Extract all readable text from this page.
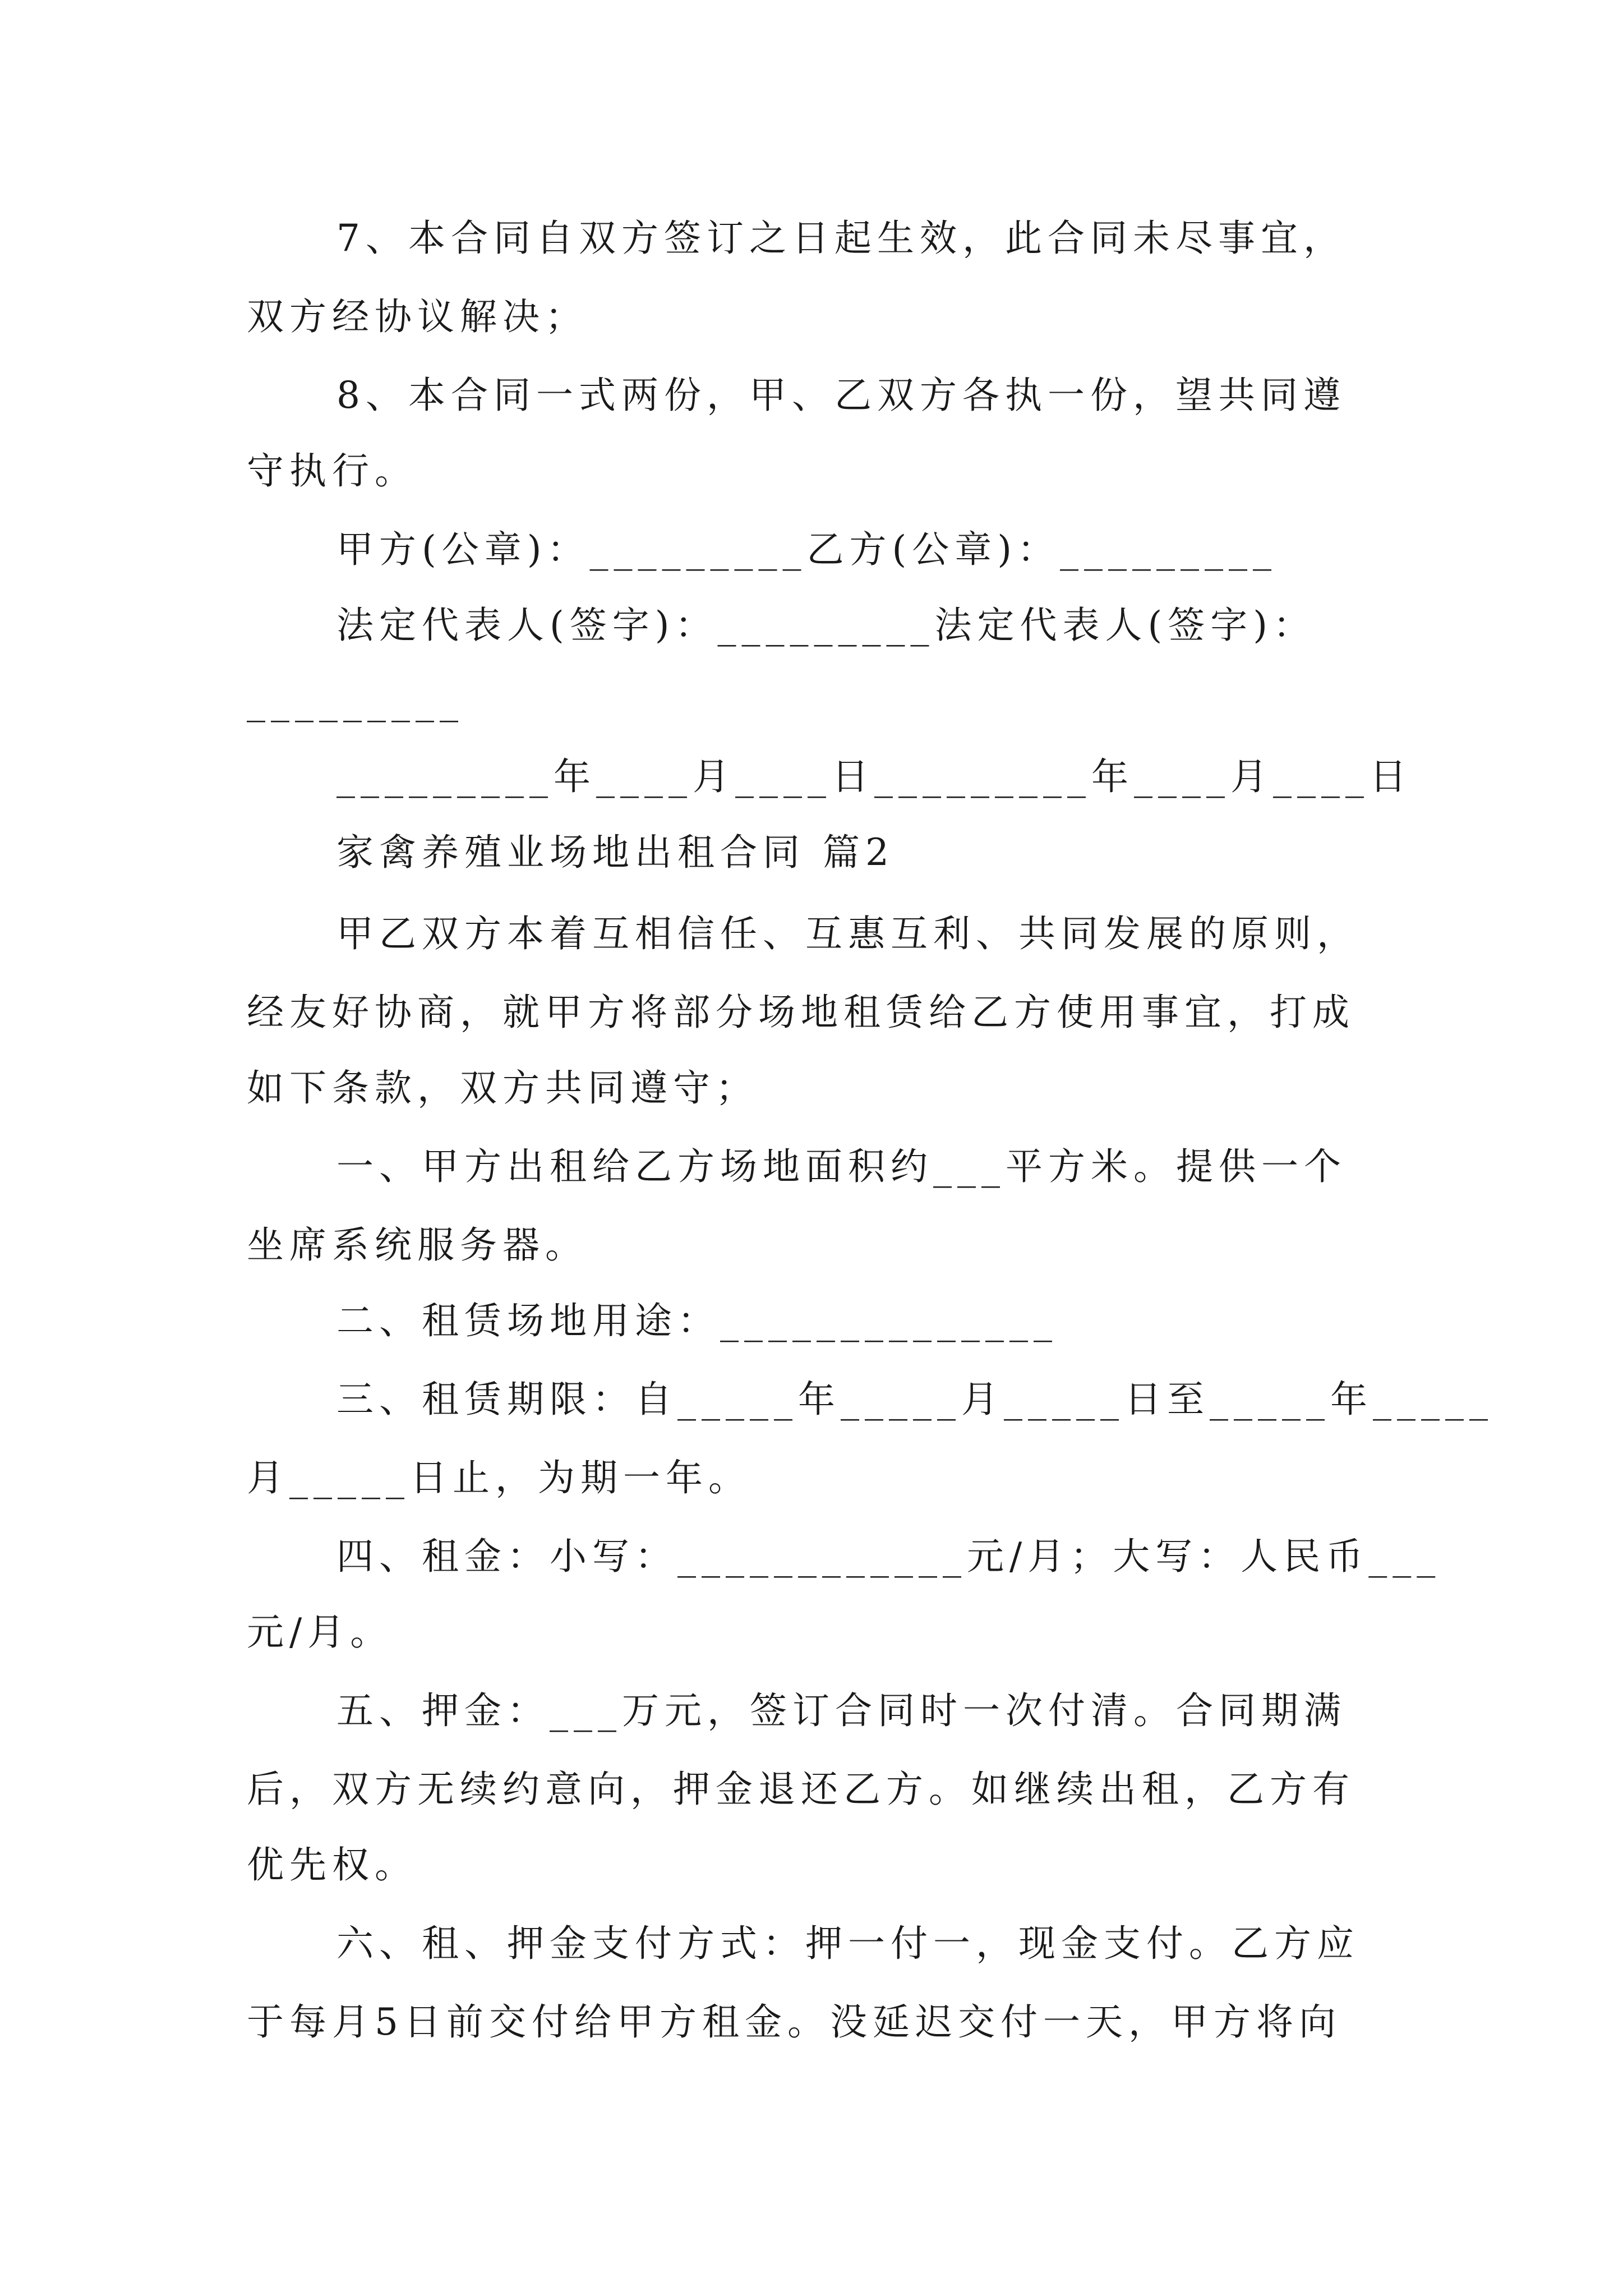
7、本合同自双方签订之日起生效，此合同未尽事宜，
双方经协议解决；
8、本合同一式两份，甲、乙双方各执一份，望共同遵
守执行。
甲方(公章)：_________乙方(公章)：_________
法定代表人(签字)：_________法定代表人(签字)：
_________
_________年____月____日_________年____月____日
家禽养殖业场地出租合同 篇2
甲乙双方本着互相信任、互惠互利、共同发展的原则，
经友好协商，就甲方将部分场地租赁给乙方使用事宜，打成
如下条款，双方共同遵守；
一、甲方出租给乙方场地面积约___平方米。提供一个
坐席系统服务器。
二、租赁场地用途：______________
三、租赁期限：自_____年_____月_____日至_____年_____
月_____日止，为期一年。
四、租金：小写：____________元/月；大写：人民币___
元/月。
五、押金：___万元，签订合同时一次付清。合同期满
后，双方无续约意向，押金退还乙方。如继续出租，乙方有
优先权。
六、租、押金支付方式：押一付一，现金支付。乙方应
于每月5日前交付给甲方租金。没延迟交付一天，甲方将向
